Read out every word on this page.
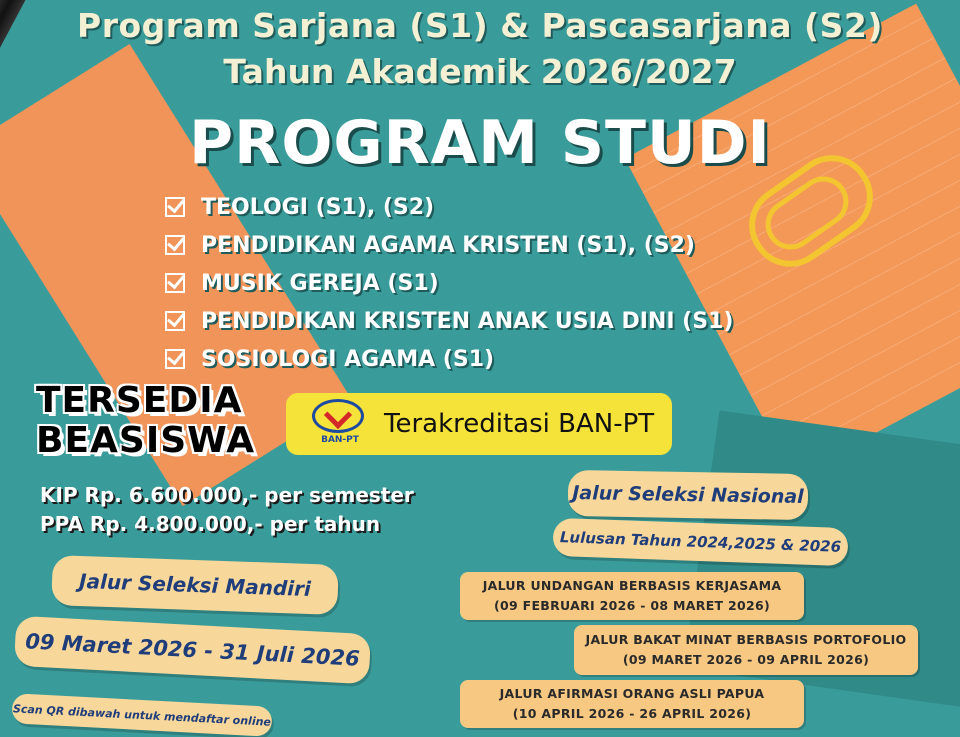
Program Sarjana (S1) & Pascasarjana (S2)
Tahun Akademik 2026/2027
PROGRAM STUDI
TEOLOGI (S1), (S2)
PENDIDIKAN AGAMA KRISTEN (S1), (S2)
MUSIK GEREJA (S1)
PENDIDIKAN KRISTEN ANAK USIA DINI (S1)
SOSIOLOGI AGAMA (S1)
TERSEDIA
BEASISWA
KIP Rp. 6.600.000,- per semester
PPA Rp. 4.800.000,- per tahun
BAN-PT
Terakreditasi BAN-PT
Jalur Seleksi Nasional
Lulusan Tahun 2024,2025 & 2026
JALUR UNDANGAN BERBASIS KERJASAMA
(09 FEBRUARI 2026 - 08 MARET 2026)
JALUR BAKAT MINAT BERBASIS PORTOFOLIO
(09 MARET 2026 - 09 APRIL 2026)
JALUR AFIRMASI ORANG ASLI PAPUA
(10 APRIL 2026 - 26 APRIL 2026)
Jalur Seleksi Mandiri
09 Maret 2026 - 31 Juli 2026
Scan QR dibawah untuk mendaftar online
